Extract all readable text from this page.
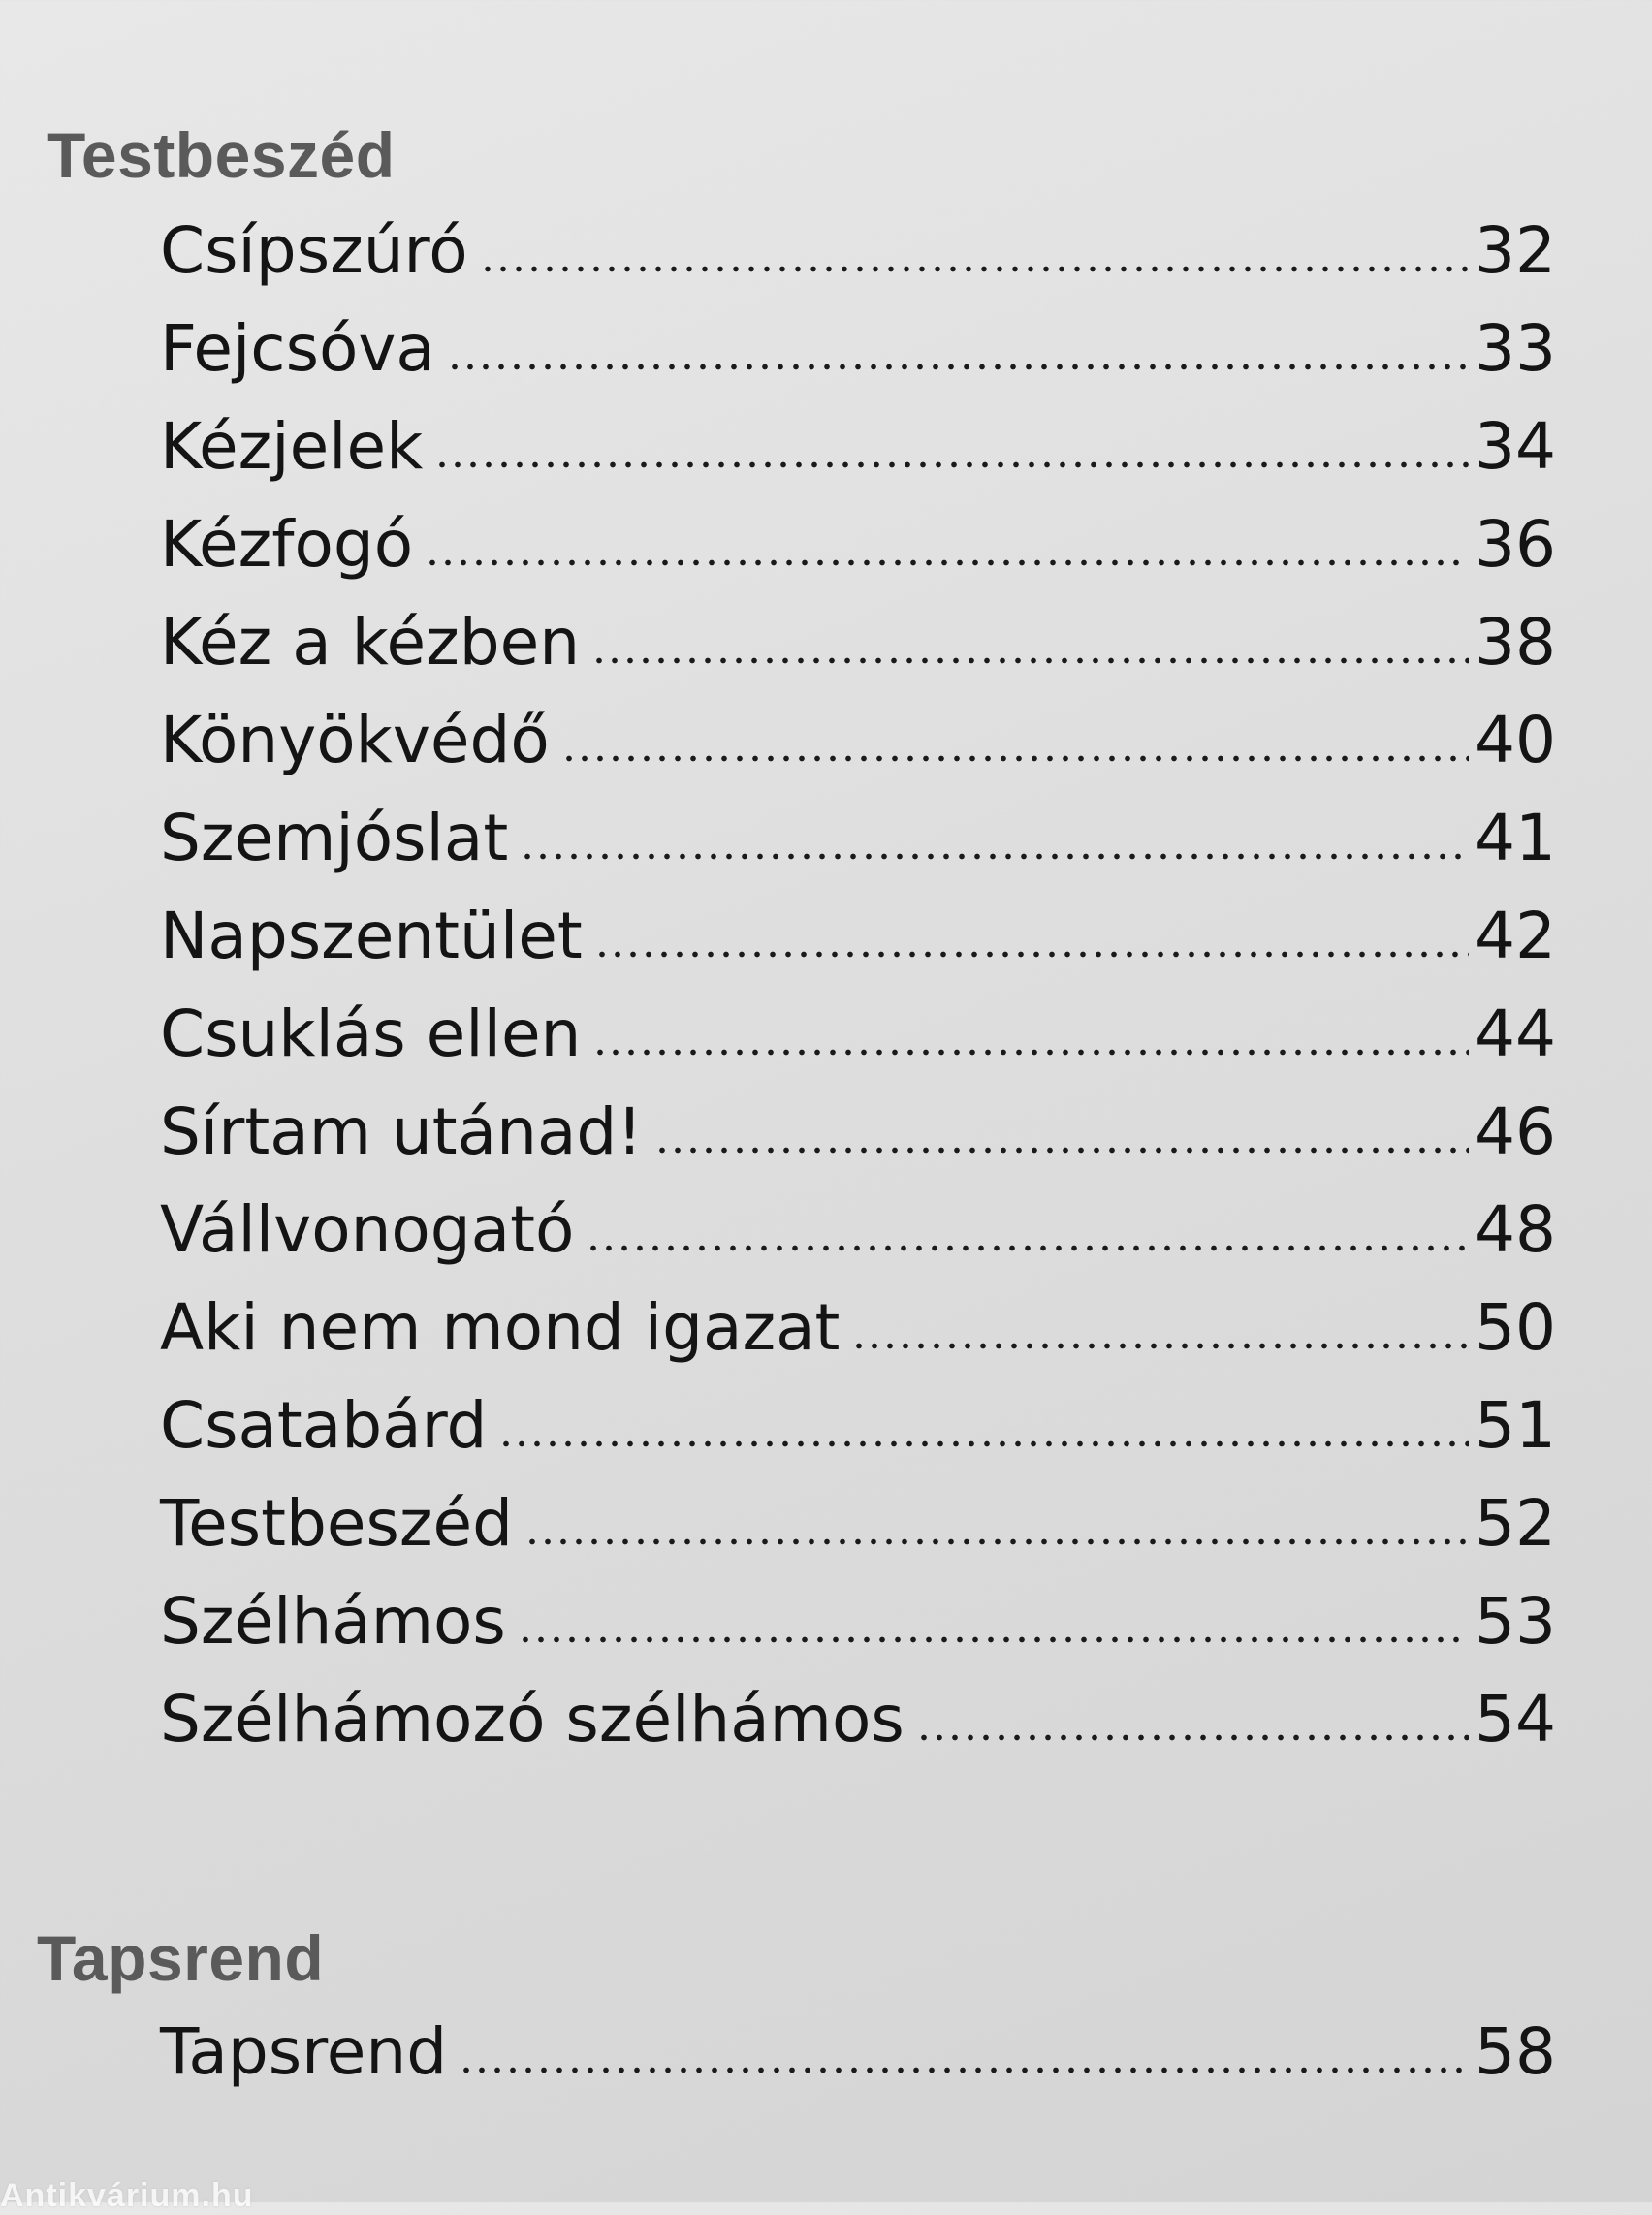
Testbeszéd
Csípszúró	32
Fejcsóva	33
Kézjelek	34
Kézfogó	36
Kéz a kézben	38
Könyökvédő	40
Szemjóslat	41
Napszentület	42
Csuklás ellen	44
Sírtam utánad!	46
Vállvonogató	48
Aki nem mond igazat	50
Csatabárd	51
Testbeszéd	52
Szélhámos	53
Szélhámozó szélhámos	54
Tapsrend
Tapsrend	58
Antikvárium.hu
